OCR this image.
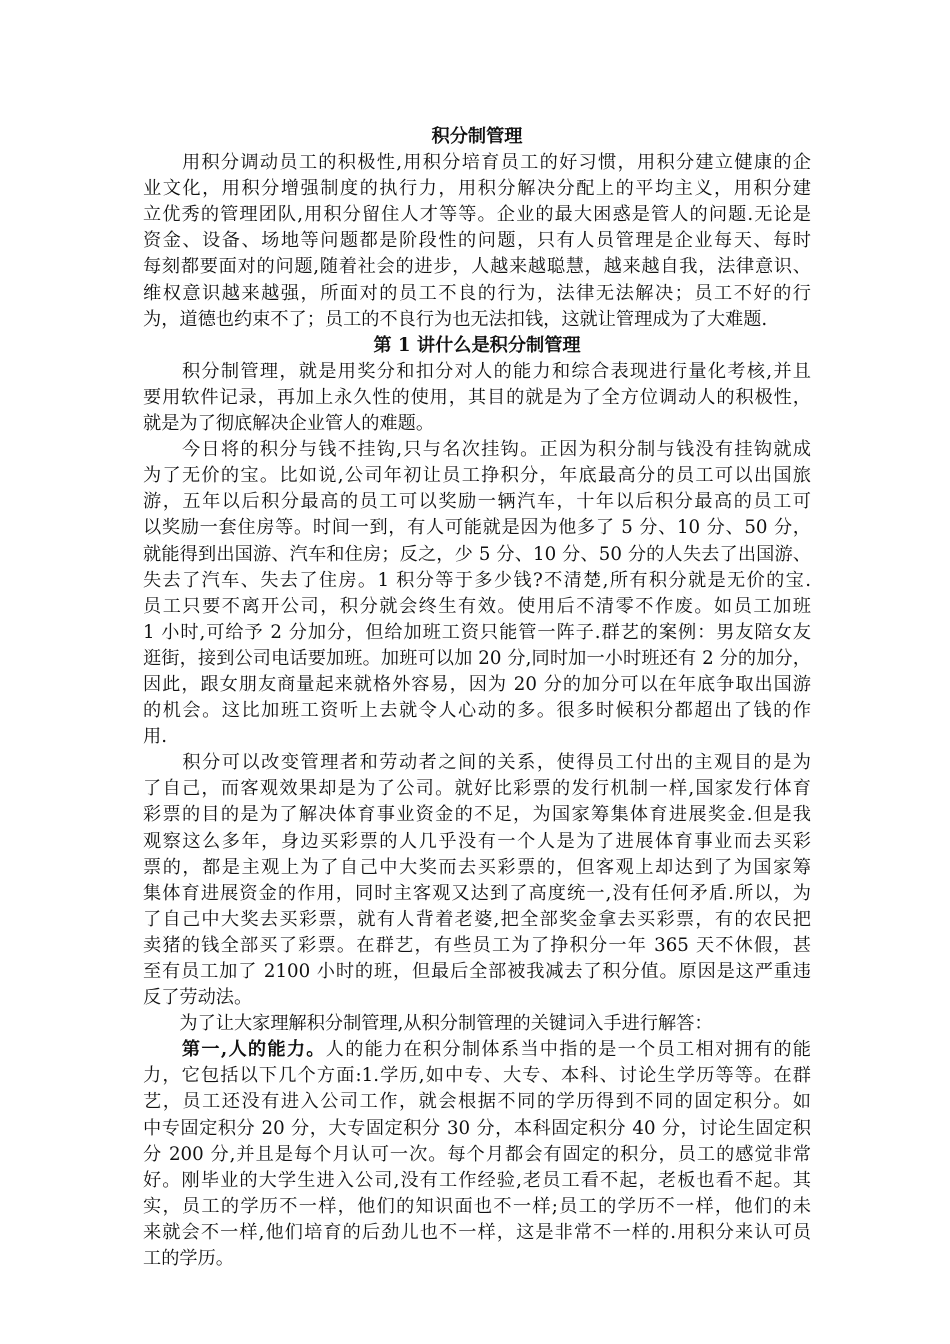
积分制管理
　　用积分调动员工的积极性,用积分培育员工的好习惯，用积分建立健康的企
业文化，用积分增强制度的执行力，用积分解决分配上的平均主义，用积分建
立优秀的管理团队,用积分留住人才等等。企业的最大困惑是管人的问题.无论是
资金、设备、场地等问题都是阶段性的问题，只有人员管理是企业每天、每时
每刻都要面对的问题,随着社会的进步，人越来越聪慧，越来越自我，法律意识、
维权意识越来越强，所面对的员工不良的行为，法律无法解决；员工不好的行
为，道德也约束不了；员工的不良行为也无法扣钱，这就让管理成为了大难题.
第 1 讲什么是积分制管理
　　积分制管理，就是用奖分和扣分对人的能力和综合表现进行量化考核,并且
要用软件记录，再加上永久性的使用，其目的就是为了全方位调动人的积极性，
就是为了彻底解决企业管人的难题。
　　今日将的积分与钱不挂钩,只与名次挂钩。正因为积分制与钱没有挂钩就成
为了无价的宝。比如说,公司年初让员工挣积分，年底最高分的员工可以出国旅
游，五年以后积分最高的员工可以奖励一辆汽车，十年以后积分最高的员工可
以奖励一套住房等。时间一到，有人可能就是因为他多了 5 分、10 分、50 分，
就能得到出国游、汽车和住房；反之，少 5 分、10 分、50 分的人失去了出国游、
失去了汽车、失去了住房。1 积分等于多少钱?不清楚,所有积分就是无价的宝.
员工只要不离开公司，积分就会终生有效。使用后不清零不作废。如员工加班
1 小时,可给予 2 分加分，但给加班工资只能管一阵子.群艺的案例：男友陪女友
逛街，接到公司电话要加班。加班可以加 20 分,同时加一小时班还有 2 分的加分，
因此，跟女朋友商量起来就格外容易，因为 20 分的加分可以在年底争取出国游
的机会。这比加班工资听上去就令人心动的多。很多时候积分都超出了钱的作
用.
　　积分可以改变管理者和劳动者之间的关系，使得员工付出的主观目的是为
了自己，而客观效果却是为了公司。就好比彩票的发行机制一样,国家发行体育
彩票的目的是为了解决体育事业资金的不足，为国家筹集体育进展奖金.但是我
观察这么多年，身边买彩票的人几乎没有一个人是为了进展体育事业而去买彩
票的，都是主观上为了自己中大奖而去买彩票的，但客观上却达到了为国家筹
集体育进展资金的作用，同时主客观又达到了高度统一,没有任何矛盾.所以，为
了自己中大奖去买彩票，就有人背着老婆,把全部奖金拿去买彩票，有的农民把
卖猪的钱全部买了彩票。在群艺，有些员工为了挣积分一年 365 天不休假，甚
至有员工加了 2100 小时的班，但最后全部被我减去了积分值。原因是这严重违
反了劳动法。
　　为了让大家理解积分制管理,从积分制管理的关键词入手进行解答：
　　第一,人的能力。人的能力在积分制体系当中指的是一个员工相对拥有的能
力，它包括以下几个方面:1.学历,如中专、大专、本科、讨论生学历等等。在群
艺，员工还没有进入公司工作，就会根据不同的学历得到不同的固定积分。如
中专固定积分 20 分，大专固定积分 30 分，本科固定积分 40 分，讨论生固定积
分 200 分,并且是每个月认可一次。每个月都会有固定的积分，员工的感觉非常
好。刚毕业的大学生进入公司,没有工作经验,老员工看不起，老板也看不起。其
实，员工的学历不一样，他们的知识面也不一样;员工的学历不一样，他们的未
来就会不一样,他们培育的后劲儿也不一样，这是非常不一样的.用积分来认可员
工的学历。
